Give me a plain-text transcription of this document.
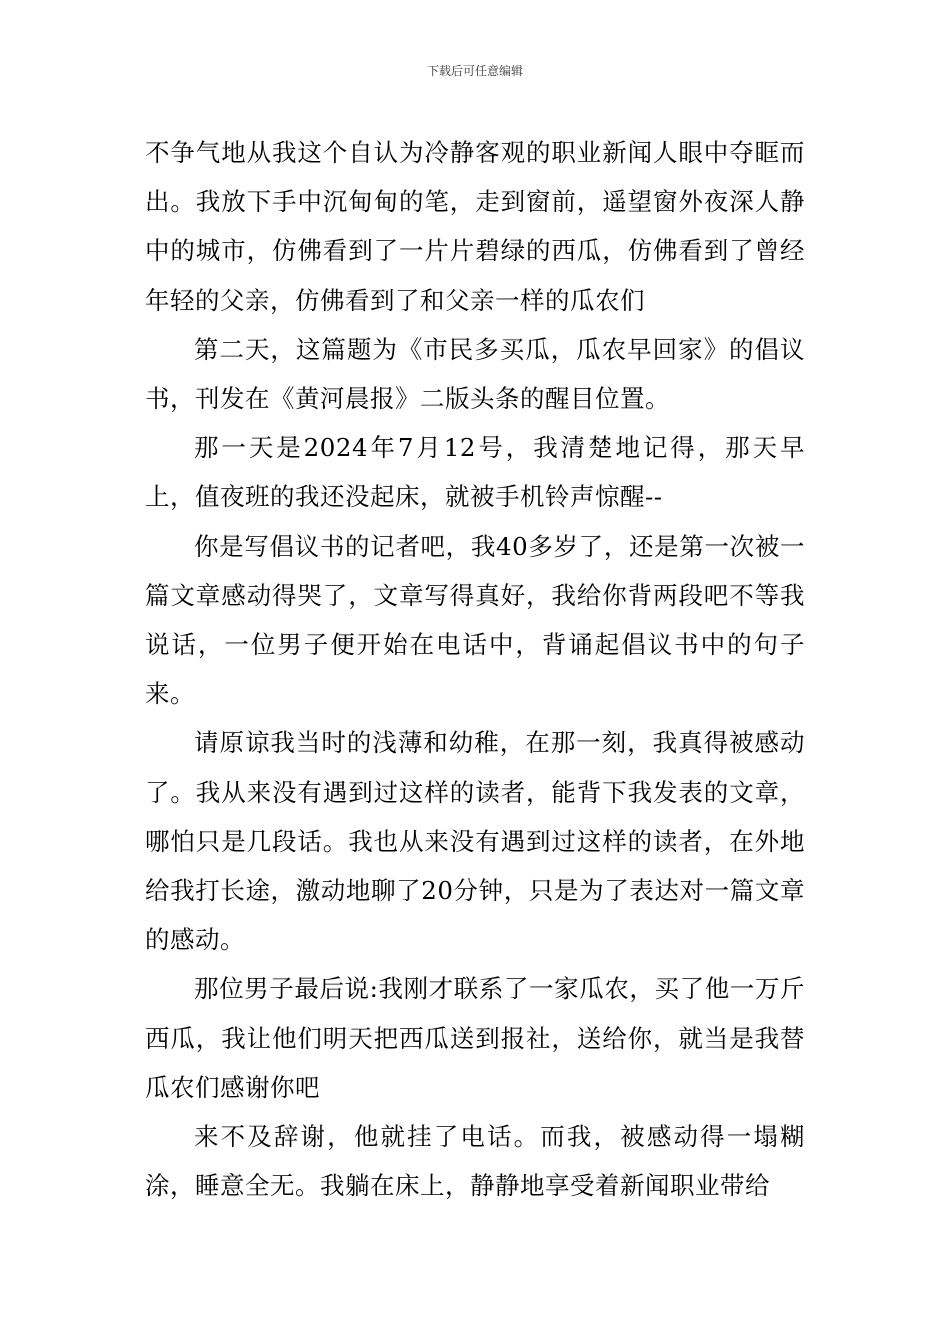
下载后可任意编辑

不争气地从我这个自认为冷静客观的职业新闻人眼中夺眶而出。我放下手中沉甸甸的笔，走到窗前，遥望窗外夜深人静中的城市，仿佛看到了一片片碧绿的西瓜，仿佛看到了曾经年轻的父亲，仿佛看到了和父亲一样的瓜农们

第二天，这篇题为《市民多买瓜，瓜农早回家》的倡议书，刊发在《黄河晨报》二版头条的醒目位置。

那一天是2024年7月12号，我清楚地记得，那天早上，值夜班的我还没起床，就被手机铃声惊醒--

你是写倡议书的记者吧，我40多岁了，还是第一次被一篇文章感动得哭了，文章写得真好，我给你背两段吧不等我说话，一位男子便开始在电话中，背诵起倡议书中的句子来。

请原谅我当时的浅薄和幼稚，在那一刻，我真得被感动了。我从来没有遇到过这样的读者，能背下我发表的文章，哪怕只是几段话。我也从来没有遇到过这样的读者，在外地给我打长途，激动地聊了20分钟，只是为了表达对一篇文章的感动。

那位男子最后说:我刚才联系了一家瓜农，买了他一万斤西瓜，我让他们明天把西瓜送到报社，送给你，就当是我替瓜农们感谢你吧

来不及辞谢，他就挂了电话。而我，被感动得一塌糊涂，睡意全无。我躺在床上，静静地享受着新闻职业带给
